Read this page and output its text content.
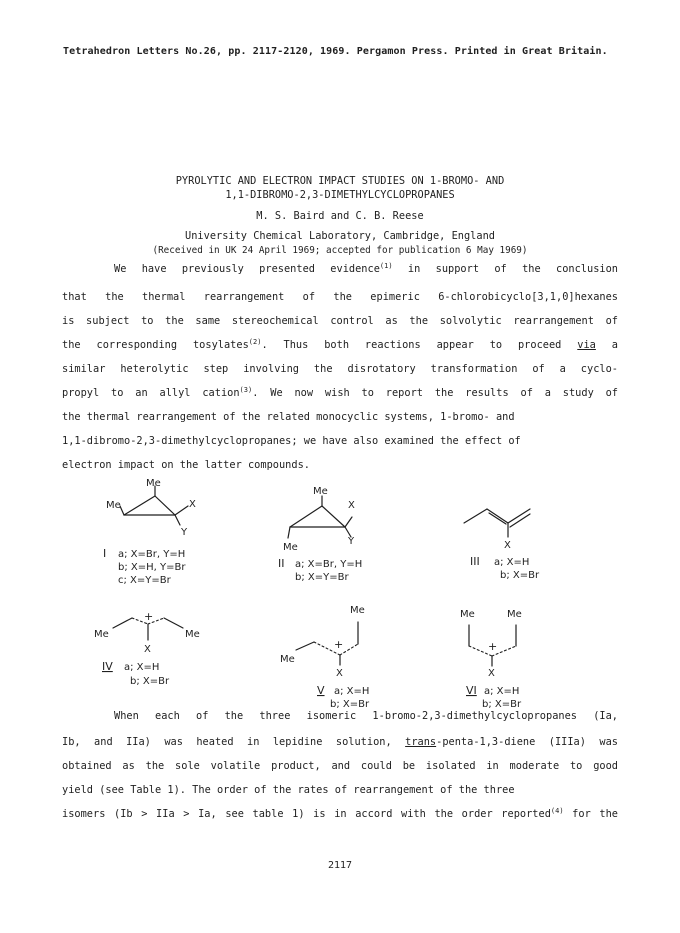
Tetrahedron Letters No.26, pp. 2117-2120, 1969. Pergamon Press. Printed in Great Britain.
PYROLYTIC AND ELECTRON IMPACT STUDIES ON 1-BROMO- AND
1,1-DIBROMO-2,3-DIMETHYLCYCLOPROPANES
M. S. Baird and C. B. Reese
University Chemical Laboratory, Cambridge, England
(Received in UK 24 April 1969; accepted for publication 6 May 1969)
We have previously presented evidence$^{(1)}$ in support of the conclusion
that the thermal rearrangement of the epimeric 6-chlorobicyclo[3,1,0]hexanes
is subject to the same stereochemical control as the solvolytic rearrangement of
the corresponding tosylates$^{(2)}$. Thus both reactions appear to proceed via a
similar heterolytic step involving the disrotatory transformation of a cyclo-
propyl to an allyl cation$^{(3)}$. We now wish to report the results of a study of
the thermal rearrangement of the related monocyclic systems, 1-bromo- and
1,1-dibromo-2,3-dimethylcyclopropanes; we have also examined the effect of
electron impact on the latter compounds.
Me
Me	X
Y
I a; X=Br, Y=H
b; X=H, Y=Br
c; X=Y=Br
Me
Me
X
Y
II a; X=Br, Y=H
b; X=Y=Br
X
III a; X=H
b; X=Br
+
Me	Me
X
IV a; X=H
b; X=Br
+
Me
Me
X
V a; X=H
b; X=Br
+
Me	Me
X
VI a; X=H
b; X=Br
When each of the three isomeric 1-bromo-2,3-dimethylcyclopropanes (Ia,
Ib, and IIa) was heated in lepidine solution, trans-penta-1,3-diene (IIIa) was
obtained as the sole volatile product, and could be isolated in moderate to good
yield (see Table 1). The order of the rates of rearrangement of the three
isomers (Ib > IIa > Ia, see table 1) is in accord with the order reported$^{(4)}$ for the
2117
